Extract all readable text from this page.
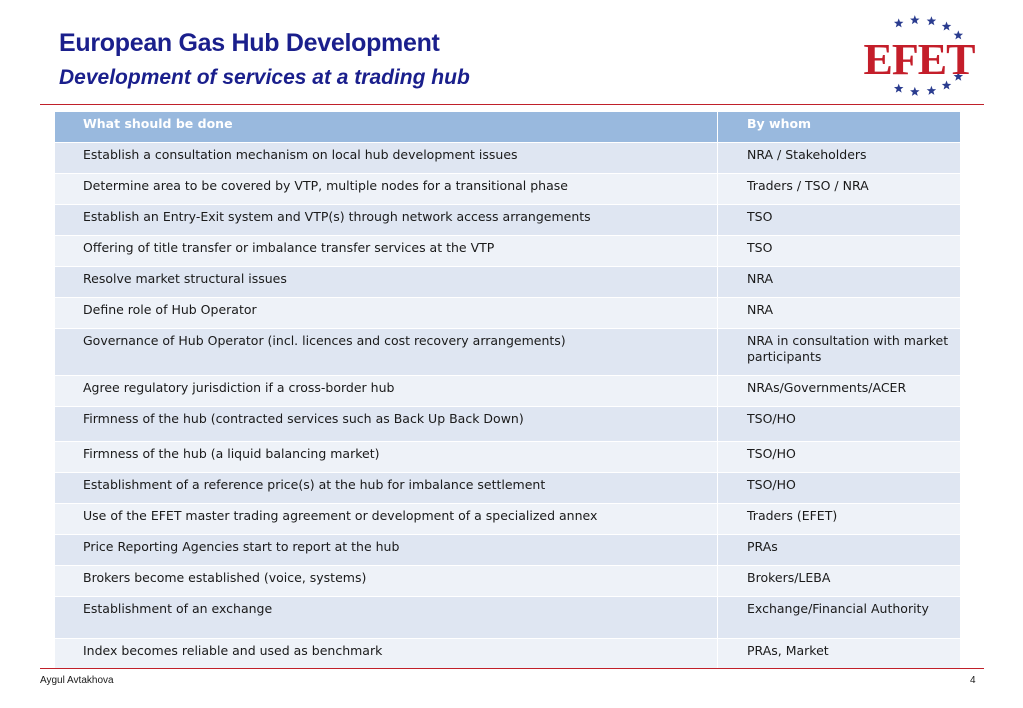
European Gas Hub Development
Development of services at a trading hub	EFET
What should be done	By whom
Establish a consultation mechanism on local hub development issues	NRA / Stakeholders
Determine area to be covered by VTP, multiple nodes for a transitional phase	Traders / TSO / NRA
Establish an Entry-Exit system and VTP(s) through network access arrangements	TSO
Offering of title transfer or imbalance transfer services at the VTP	TSO
Resolve market structural issues	NRA
Define role of Hub Operator	NRA
Governance of Hub Operator (incl. licences and cost recovery arrangements)	NRA in consultation with market participants
Agree regulatory jurisdiction if a cross-border hub	NRAs/Governments/ACER
Firmness of the hub (contracted services such as Back Up Back Down)	TSO/HO
Firmness of the hub (a liquid balancing market)	TSO/HO
Establishment of a reference price(s) at the hub for imbalance settlement	TSO/HO
Use of the EFET master trading agreement or development of a specialized annex	Traders (EFET)
Price Reporting Agencies start to report at the hub	PRAs
Brokers become established (voice, systems)	Brokers/LEBA
Establishment of an exchange	Exchange/Financial Authority
Index becomes reliable and used as benchmark	PRAs, Market
Aygul Avtakhova	4
